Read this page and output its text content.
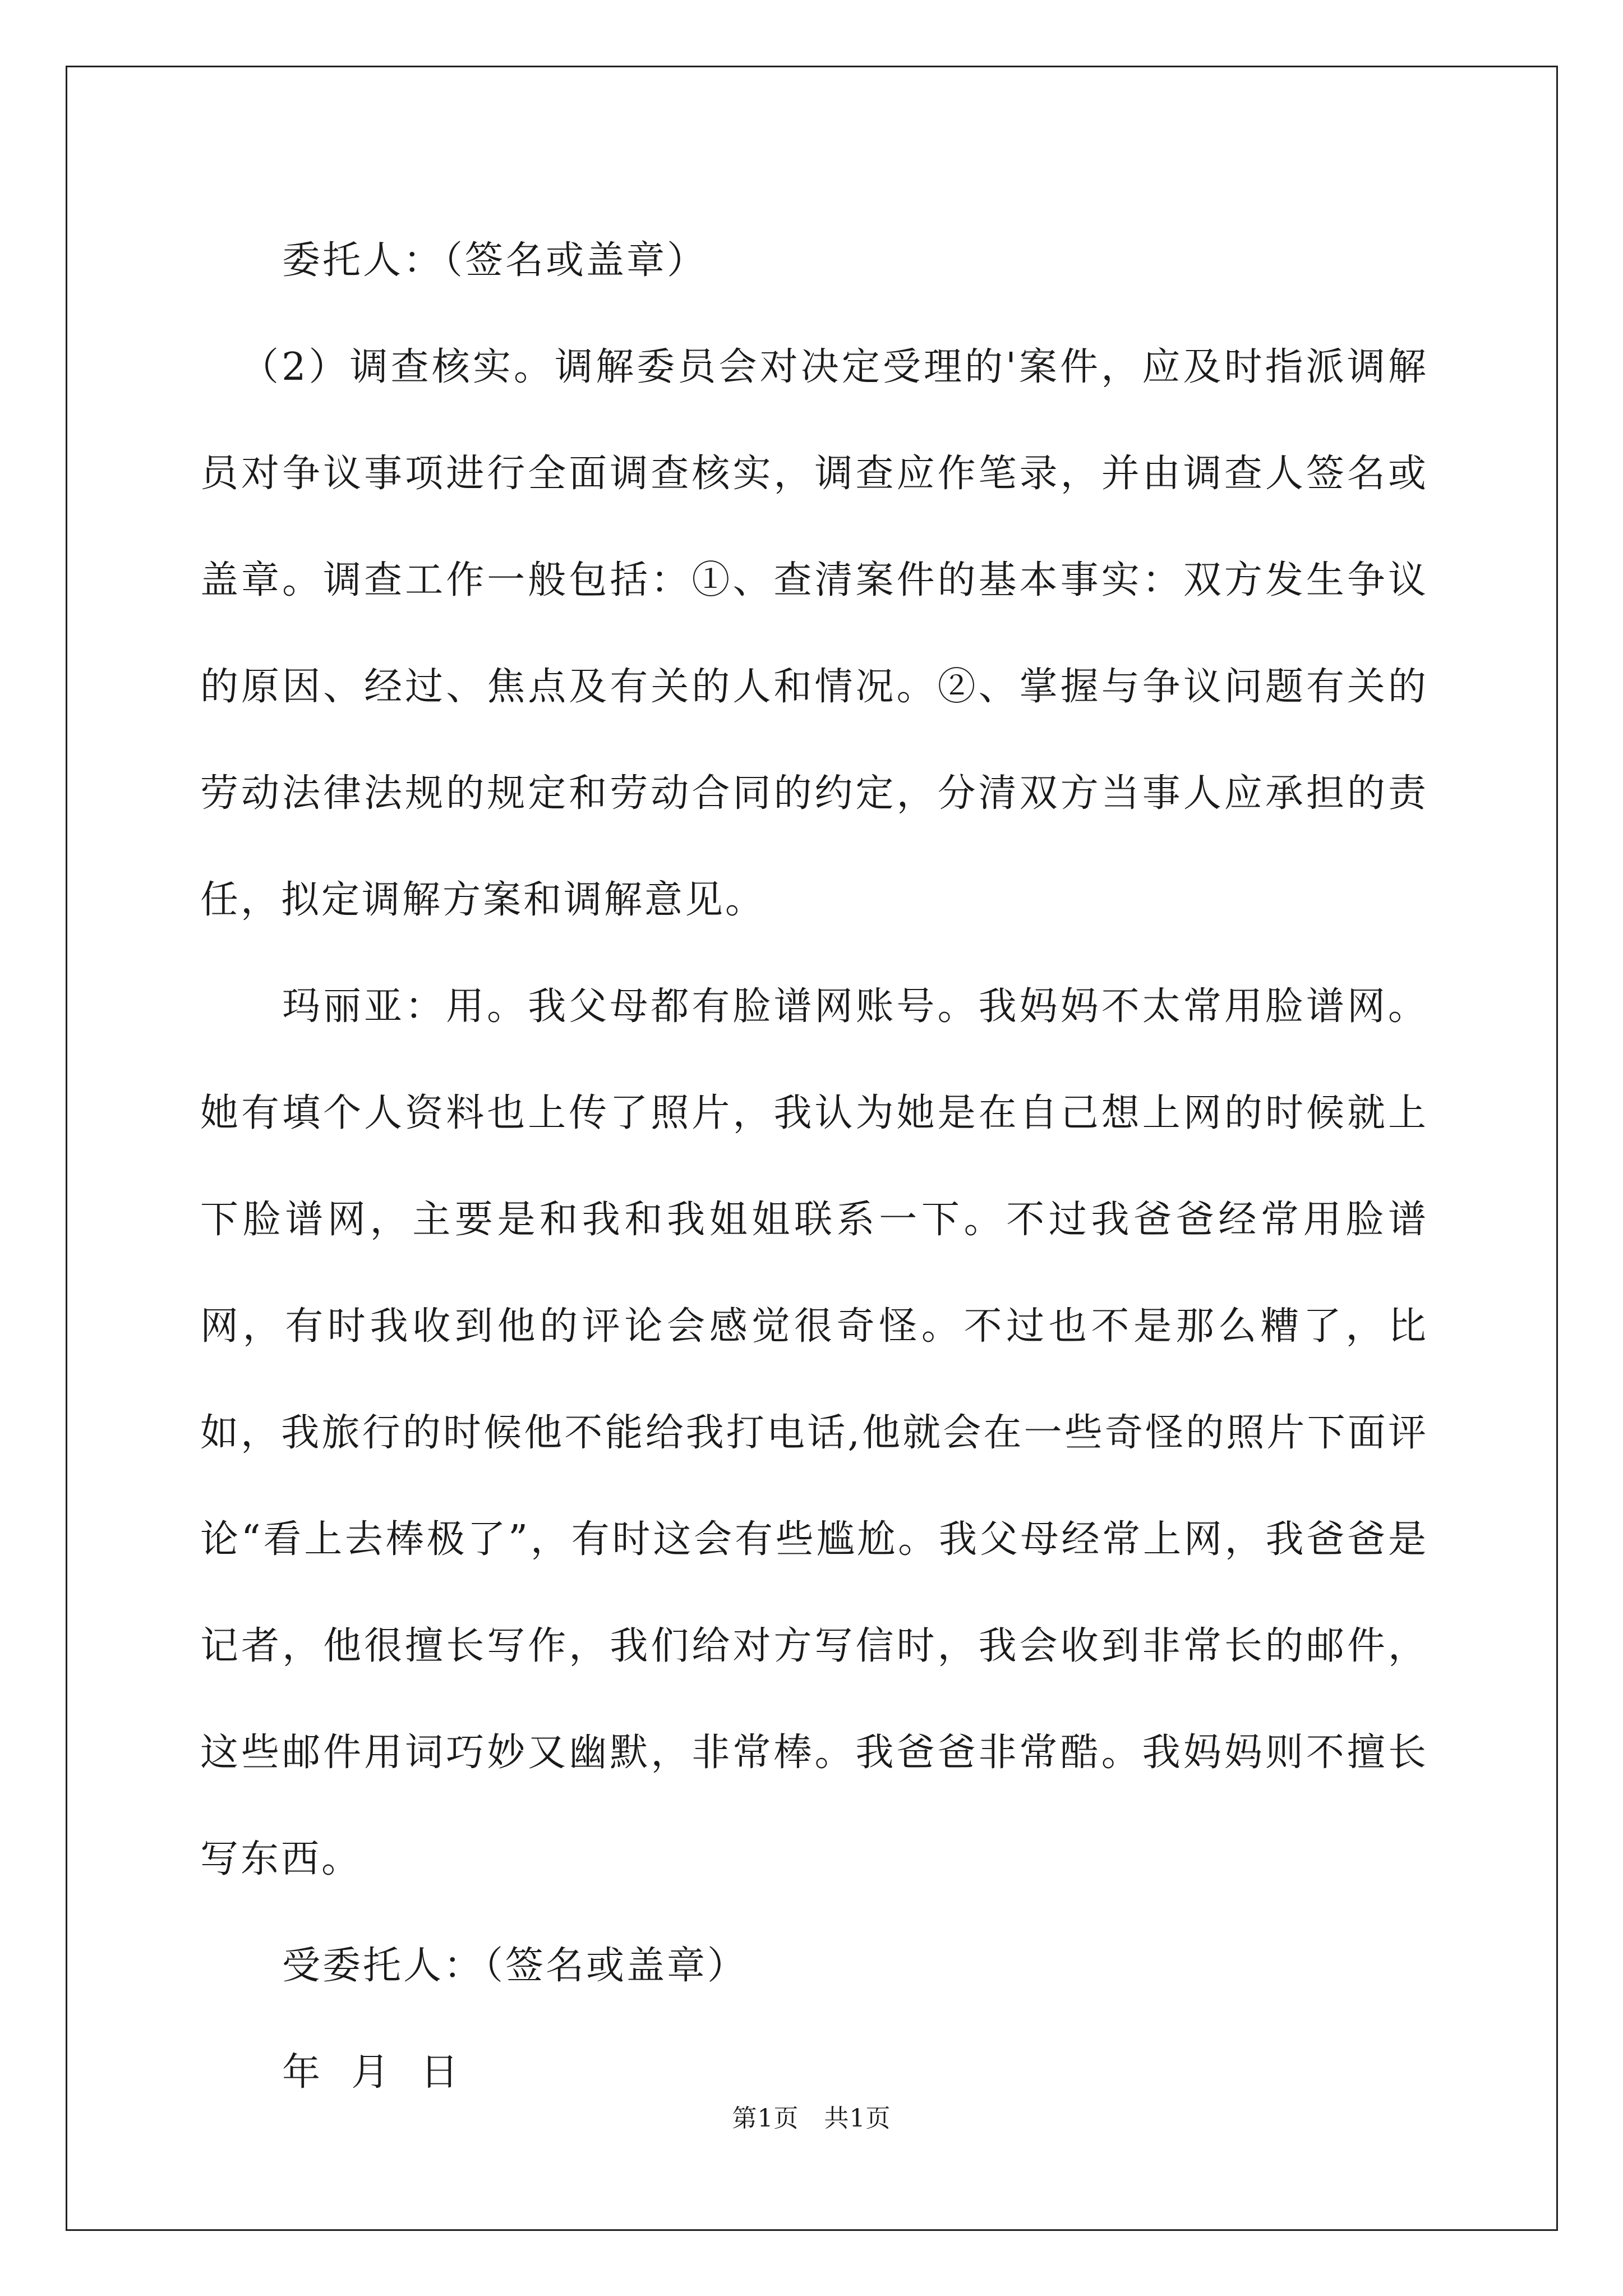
委托人：（签名或盖章）

（2）调查核实。调解委员会对决定受理的'案件，应及时指派调解员对争议事项进行全面调查核实，调查应作笔录，并由调查人签名或盖章。调查工作一般包括：①、查清案件的基本事实：双方发生争议的原因、经过、焦点及有关的人和情况。②、掌握与争议问题有关的劳动法律法规的规定和劳动合同的约定，分清双方当事人应承担的责任，拟定调解方案和调解意见。

玛丽亚：用。我父母都有脸谱网账号。我妈妈不太常用脸谱网。她有填个人资料也上传了照片，我认为她是在自己想上网的时候就上下脸谱网，主要是和我和我姐姐联系一下。不过我爸爸经常用脸谱网，有时我收到他的评论会感觉很奇怪。不过也不是那么糟了，比如，我旅行的时候他不能给我打电话,他就会在一些奇怪的照片下面评论“看上去棒极了”，有时这会有些尴尬。我父母经常上网，我爸爸是记者，他很擅长写作，我们给对方写信时，我会收到非常长的邮件，这些邮件用词巧妙又幽默，非常棒。我爸爸非常酷。我妈妈则不擅长写东西。

受委托人：（签名或盖章）

年  月  日

第1页   共1页
